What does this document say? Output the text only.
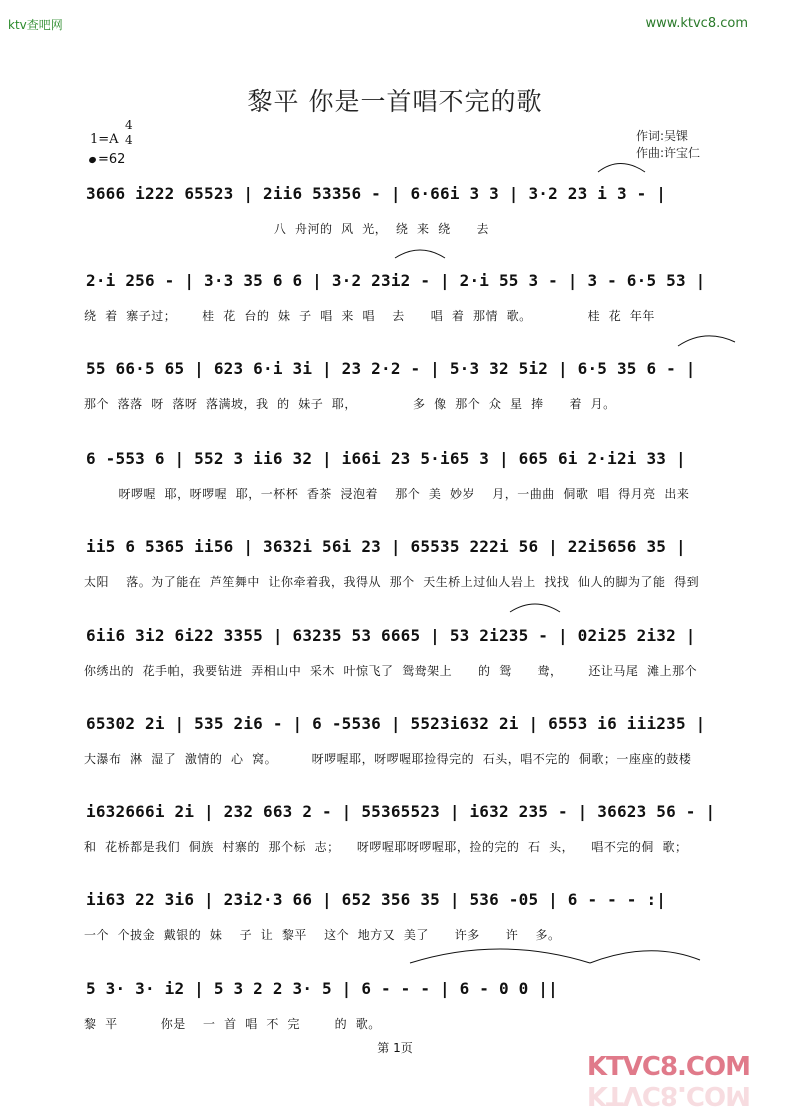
ktv查吧网	www.ktvc8.com
黎平 你是一首唱不完的歌
1=A
4
4
=62
作词:吴锞
作曲:许宝仁
3666 i222 65523 | 2ii6 53356 - | 6·66i 3 3 | 3·2 23 i 3 - |
八  舟河的  风  光，  绕  来  绕      去
2·i 256 - | 3·3 35 6 6 | 3·2 23i2 - | 2·i 55 3 - | 3 - 6·5 53 |
绕  着  寨子过；      桂  花  台的  妹  子  唱  来  唱    去      唱  着  那情  歌。             桂  花  年年
55 66·5 65 | 623 6·i 3i | 23 2·2 - | 5·3 32 5i2 | 6·5 35 6 - |
那个  落落  呀  落呀  落满坡，我  的  妹子  耶，             多  像  那个  众  星  捧      着  月。
6 -553 6 | 552 3 ii6 32 | i66i 23 5·i65 3 | 665 6i 2·i2i 33 |
呀啰喔  耶，呀啰喔  耶，一杯杯  香茶  浸泡着    那个  美  妙岁    月，一曲曲  侗歌  唱  得月亮  出来
ii5 6 5365 ii56 | 3632i 56i 23 | 65535 222i 56 | 22i5656 35 |
太阳    落。为了能在  芦笙舞中  让你牵着我，我得从  那个  天生桥上过仙人岩上  找找  仙人的脚为了能  得到
6ii6 3i2 6i22 3355 | 63235 53 6665 | 53 2i235 - | 02i25 2i32 |
你绣出的  花手帕，我要钻进  弄相山中  采木  叶惊飞了  鸳鸯架上      的  鸳      鸯，      还让马尾  滩上那个
65302 2i | 535 2i6 - | 6 -5536 | 5523i632 2i | 6553 i6 iii235 |
大瀑布  淋  湿了  激情的  心  窝。        呀啰喔耶，呀啰喔耶捡得完的  石头，唱不完的  侗歌；一座座的鼓楼
i632666i 2i | 232 663 2 - | 55365523 | i632 235 - | 36623 56 - |
和  花桥都是我们  侗族  村寨的  那个标  志；    呀啰喔耶呀啰喔耶，捡的完的  石  头，    唱不完的侗  歌；
ii63 22 3i6 | 23i2·3 66 | 652 356 35 | 536 -05 | 6 - - - :|
一个  个披金  戴银的  妹    子  让  黎平    这个  地方又  美了      许多      许    多。
5 3· 3· i2 | 5 3 2 2 3· 5 | 6 - - - | 6 - 0 0 ||
黎  平          你是    一  首  唱  不  完        的  歌。
第 1页
KTVC8.COM
KTVC8.COM
